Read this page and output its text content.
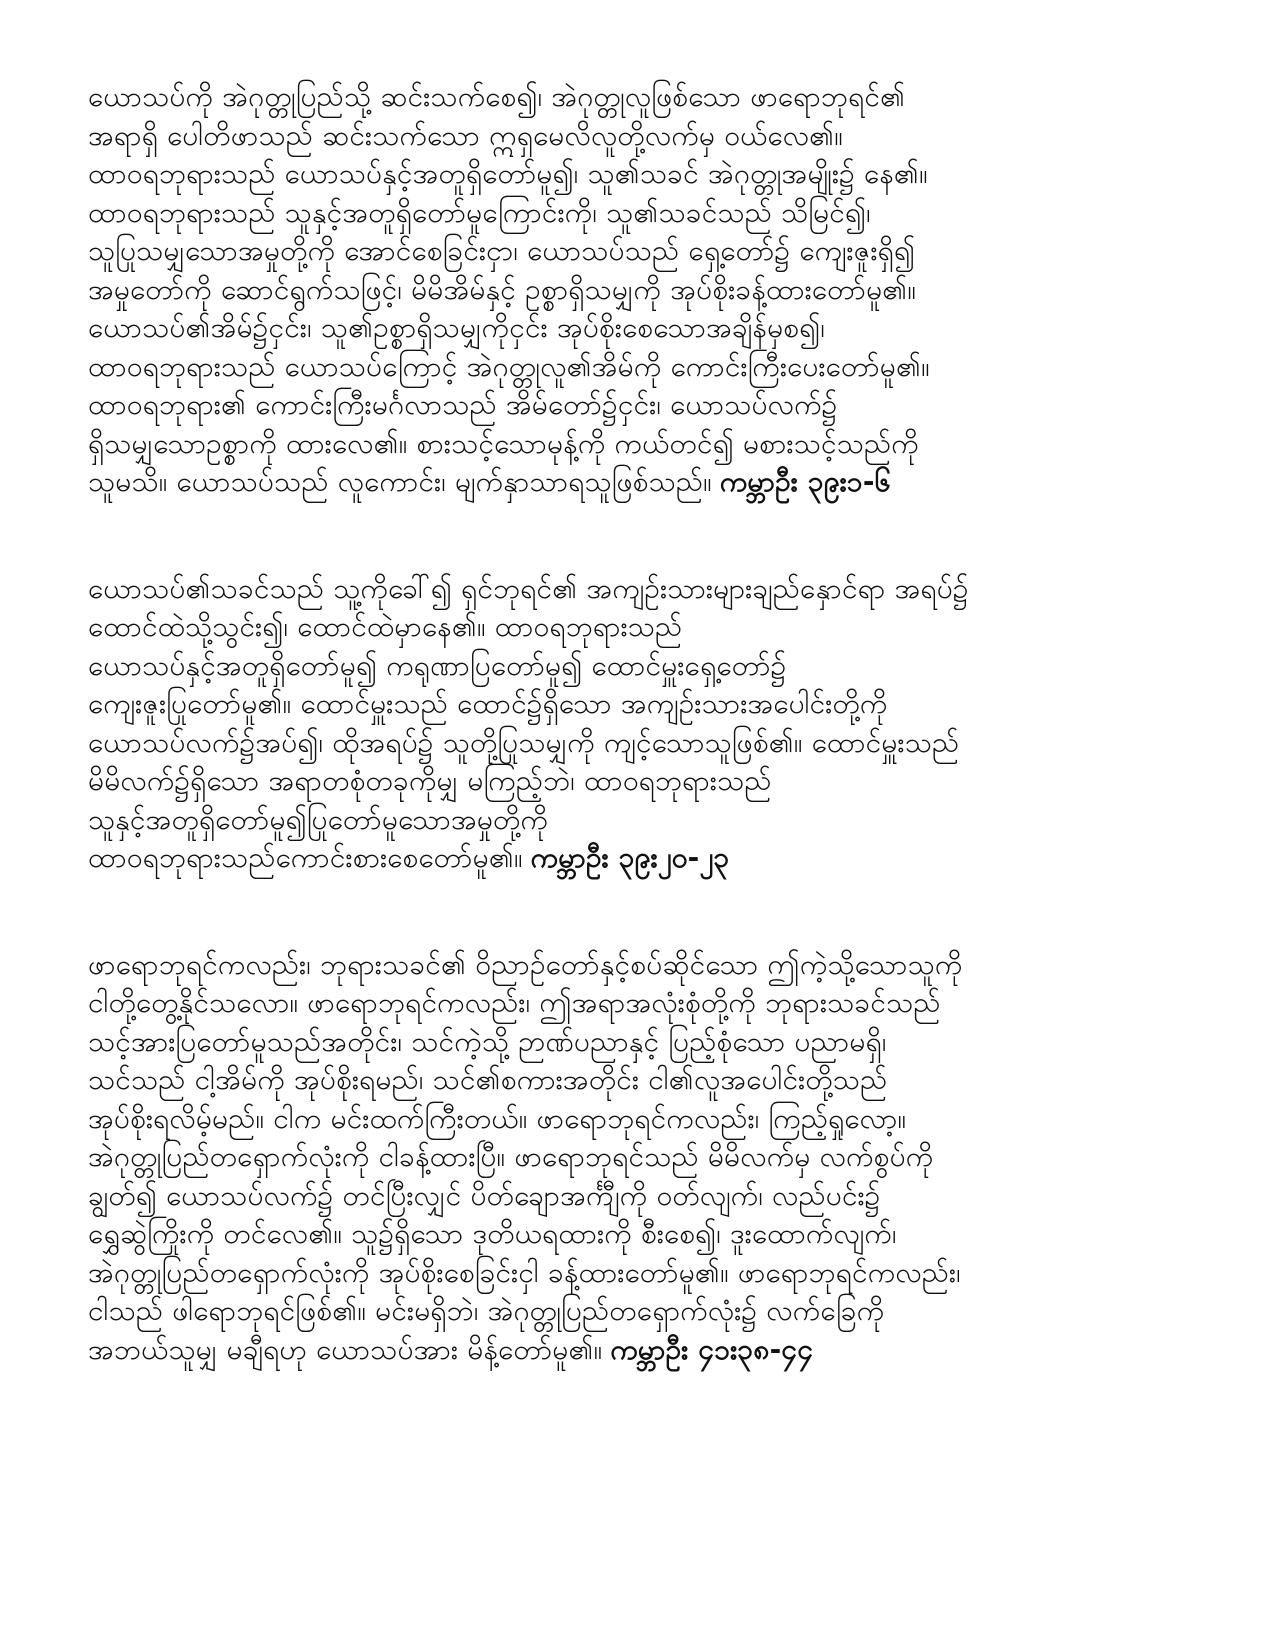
ယောသပ်ကို အဲဂုတ္တုပြည်သို့ ဆင်းသက်စေ၍၊ အဲဂုတ္တုလူဖြစ်သော ဖာရောဘုရင်၏
အရာရှိ ပေါတိဖာသည် ဆင်းသက်သော ဣရှမေလိလူတို့လက်မှ ဝယ်လေ၏။
ထာဝရဘုရားသည် ယောသပ်နှင့်အတူရှိတော်မူ၍၊ သူ၏သခင် အဲဂုတ္တုအမျိုး၌ နေ၏။
ထာဝရဘုရားသည် သူနှင့်အတူရှိတော်မူကြောင်းကို၊ သူ၏သခင်သည် သိမြင်၍၊
သူပြုသမျှသောအမှုတို့ကို အောင်စေခြင်းငှာ၊ ယောသပ်သည် ရှေ့တော်၌ ကျေးဇူးရှိ၍
အမှုတော်ကို ဆောင်ရွက်သဖြင့်၊ မိမိအိမ်နှင့် ဥစ္စာရှိသမျှကို အုပ်စိုးခန့်ထားတော်မူ၏။
ယောသပ်၏အိမ်၌ငှင်း၊ သူ၏ဥစ္စာရှိသမျှကိုငှင်း အုပ်စိုးစေသောအချိန်မှစ၍၊
ထာဝရဘုရားသည် ယောသပ်ကြောင့် အဲဂုတ္တုလူ၏အိမ်ကို ကောင်းကြီးပေးတော်မူ၏။
ထာဝရဘုရား၏ ကောင်းကြီးမင်္ဂလာသည် အိမ်တော်၌ငှင်း၊ ယောသပ်လက်၌
ရှိသမျှသောဥစ္စာကို ထားလေ၏။ စားသင့်သောမုန့်ကို ကယ်တင်၍ မစားသင့်သည်ကို
သူမသိ။ ယောသပ်သည် လူကောင်း၊ မျက်နှာသာရသူဖြစ်သည်။ ကမ္ဘာဦး ၃၉း၁-၆
ယောသပ်၏သခင်သည် သူ့ကိုခေါ်၍ ရှင်ဘုရင်၏ အကျဉ်းသားများချည်နှောင်ရာ အရပ်၌
ထောင်ထဲသို့သွင်း၍၊ ထောင်ထဲမှာနေ၏။ ထာဝရဘုရားသည်
ယောသပ်နှင့်အတူရှိတော်မူ၍ ကရုဏာပြတော်မူ၍ ထောင်မှူးရှေ့တော်၌
ကျေးဇူးပြုတော်မူ၏။ ထောင်မှူးသည် ထောင်၌ရှိသော အကျဉ်းသားအပေါင်းတို့ကို
ယောသပ်လက်၌အပ်၍၊ ထိုအရပ်၌ သူတို့ပြုသမျှကို ကျင့်သောသူဖြစ်၏။ ထောင်မှူးသည်
မိမိလက်၌ရှိသော အရာတစုံတခုကိုမျှ မကြည့်ဘဲ၊ ထာဝရဘုရားသည်
သူနှင့်အတူရှိတော်မူ၍ပြုတော်မူသောအမှုတို့ကို
ထာဝရဘုရားသည်ကောင်းစားစေတော်မူ၏။ ကမ္ဘာဦး ၃၉း၂၀-၂၃
ဖာရောဘုရင်ကလည်း၊ ဘုရားသခင်၏ ဝိညာဉ်တော်နှင့်စပ်ဆိုင်သော ဤကဲ့သို့သောသူကို
ငါတို့တွေ့နိုင်သလော။ ဖာရောဘုရင်ကလည်း၊ ဤအရာအလုံးစုံတို့ကို ဘုရားသခင်သည်
သင့်အားပြတော်မူသည်အတိုင်း၊ သင်ကဲ့သို့ ဉာဏ်ပညာနှင့် ပြည့်စုံသော ပညာမရှိ၊
သင်သည် ငါ့အိမ်ကို အုပ်စိုးရမည်၊ သင်၏စကားအတိုင်း ငါ၏လူအပေါင်းတို့သည်
အုပ်စိုးရလိမ့်မည်။ ငါက မင်းထက်ကြီးတယ်။ ဖာရောဘုရင်ကလည်း၊ ကြည့်ရှုလော့။
အဲဂုတ္တုပြည်တရှောက်လုံးကို ငါခန့်ထားပြီ။ ဖာရောဘုရင်သည် မိမိလက်မှ လက်စွပ်ကို
ချွတ်၍ ယောသပ်လက်၌ တင်ပြီးလျှင် ပိတ်ချောအင်္ကျီကို ဝတ်လျက်၊ လည်ပင်း၌
ရွှေဆွဲကြိုးကို တင်လေ၏။ သူ၌ရှိသော ဒုတိယရထားကို စီးစေ၍၊ ဒူးထောက်လျက်၊
အဲဂုတ္တုပြည်တရှောက်လုံးကို အုပ်စိုးစေခြင်းငှါ ခန့်ထားတော်မူ၏။ ဖာရောဘုရင်ကလည်း၊
ငါသည် ဖါရောဘုရင်ဖြစ်၏။ မင်းမရှိဘဲ၊ အဲဂုတ္တုပြည်တရှောက်လုံး၌ လက်ခြေကို
အဘယ်သူမျှ မချီရဟု ယောသပ်အား မိန့်တော်မူ၏။ ကမ္ဘာဦး ၄၁း၃၈-၄၄
